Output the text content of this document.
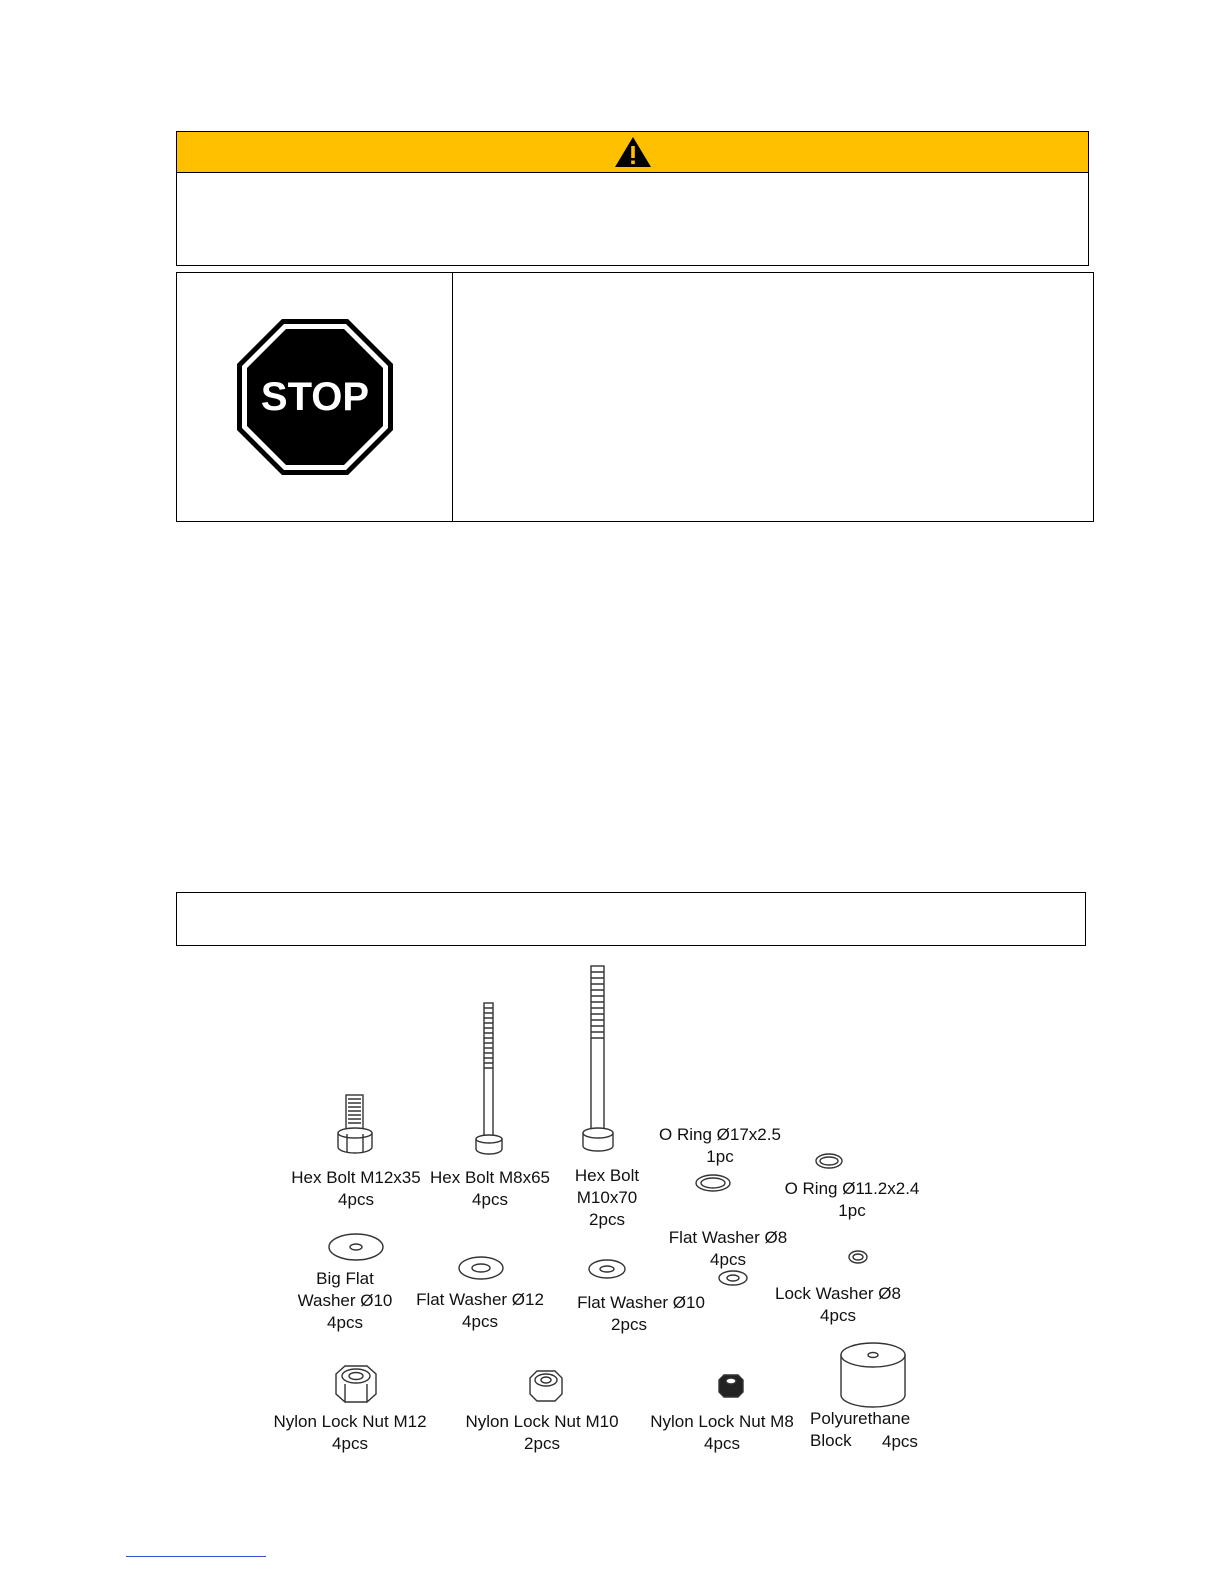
STOP
Hex Bolt M12x35
4pcs
Hex Bolt M8x65
4pcs
Hex Bolt
M10x70
2pcs
O Ring Ø17x2.5
1pc
O Ring Ø11.2x2.4
1pc
Big Flat
Washer Ø10
4pcs
Flat Washer Ø12
4pcs
Flat Washer Ø10
2pcs
Flat Washer Ø8
4pcs
Lock Washer Ø8
4pcs
Nylon Lock Nut M12
4pcs
Nylon Lock Nut M10
2pcs
Nylon Lock Nut M8
4pcs
Polyurethane
Block	4pcs
